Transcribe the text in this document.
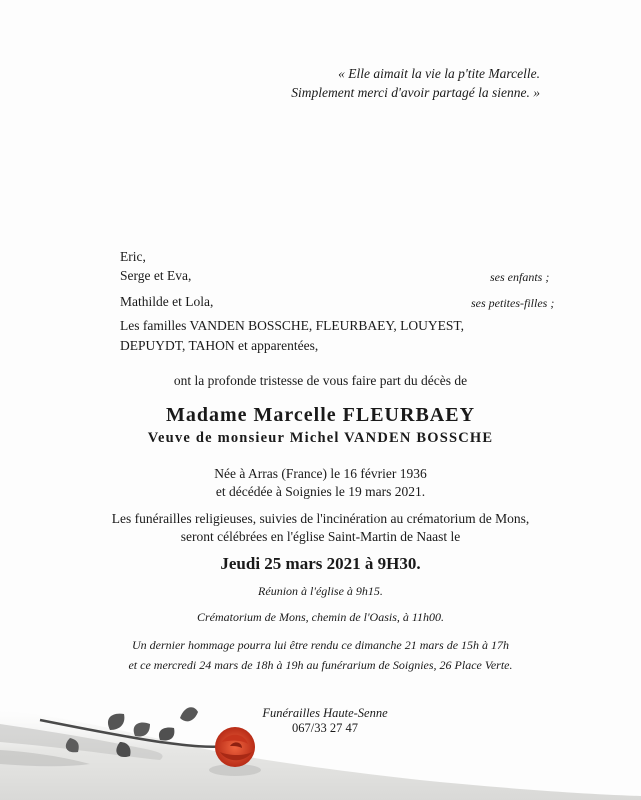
« Elle aimait la vie la p'tite Marcelle.
Simplement merci d'avoir partagé la sienne. »
Eric,
Serge et Eva,	ses enfants ;
Mathilde et Lola,	ses petites-filles ;
Les familles VANDEN BOSSCHE, FLEURBAEY, LOUYEST,
DEPUYDT, TAHON et apparentées,
ont la profonde tristesse de vous faire part du décès de
Madame Marcelle FLEURBAEY
Veuve de monsieur Michel VANDEN BOSSCHE
Née à Arras (France) le 16 février 1936
et décédée à Soignies le 19 mars 2021.
Les funérailles religieuses, suivies de l'incinération au crématorium de Mons,
seront célébrées en l'église Saint-Martin de Naast le
Jeudi 25 mars 2021 à 9H30.
Réunion à l'église à 9h15.
Crématorium de Mons, chemin de l'Oasis, à 11h00.
Un dernier hommage pourra lui être rendu ce dimanche 21 mars de 15h à 17h
et ce mercredi 24 mars de 18h à 19h au funérarium de Soignies, 26 Place Verte.
Funérailles Haute-Senne
067/33 27 47
